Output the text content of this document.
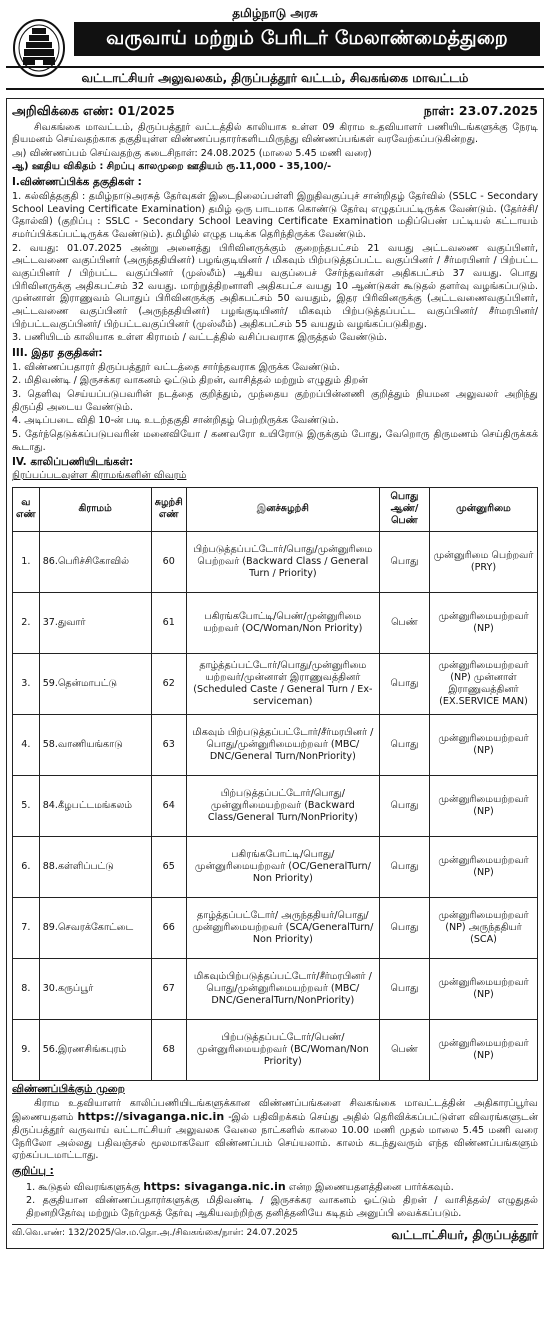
தமிழ்நாடு அரசு
வருவாய் மற்றும் பேரிடர் மேலாண்மைத்துறை
வட்டாட்சியர் அலுவலகம், திருப்பத்தூர் வட்டம், சிவகங்கை மாவட்டம்
அறிவிக்கை எண்: 01/2025	நாள்: 23.07.2025

சிவகங்கை மாவட்டம், திருப்பத்தூர் வட்டத்தில் காலியாக உள்ள 09 கிராம உதவியாளர் பணியிடங்களுக்கு நேரடி நியமனம் செய்வதற்காக தகுதியுள்ள விண்ணப்பதாரர்களிடமிருந்து விண்ணப்பங்கள் வரவேற்கப்படுகின்றது.

அ) விண்ணப்பம் செய்வதற்கு கடைசிநாள்: 24.08.2025 (மாலை 5.45 மணி வரை)

ஆ) ஊதிய விகிதம் : சிறப்பு காலமுறை ஊதியம் ரூ.11,000 - 35,100/-

I.விண்ணப்பிக்க தகுதிகள் :

1. கல்வித்தகுதி : தமிழ்நாடுஅரசுத் தேர்வுகள் இடைநிலைப்பள்ளி இறுதிவகுப்புச் சான்றிதழ் தேர்வில் (SSLC - Secondary School Leaving Certificate Examination) தமிழ் ஒரு பாடமாக கொண்டு தேர்வு எழுதப்பட்டிருக்க வேண்டும். (தேர்ச்சி/தோல்வி) (குறிப்பு : SSLC - Secondary School Leaving Certificate Examination மதிப்பெண் பட்டியல் கட்டாயம் சமர்ப்பிக்கப்பட்டிருக்க வேண்டும்). தமிழில் எழுத படிக்க தெரிந்திருக்க வேண்டும்.

2. வயது: 01.07.2025 அன்று அனைத்து பிரிவினருக்கும் குறைந்தபட்சம் 21 வயது அட்டவணை வகுப்பினர், அட்டவணை வகுப்பினர் (அருந்ததியினர்) பழங்குடியினர் / மிகவும் பிற்படுத்தப்பட்ட வகுப்பினர் / சீர்மரபினர் / பிற்பட்ட வகுப்பினர் / பிற்பட்ட வகுப்பினர் (முஸ்லீம்) ஆகிய வகுப்பைச் சேர்ந்தவர்கள் அதிகபட்சம் 37 வயது. பொது பிரிவினருக்கு அதிகபட்சம் 32 வயது. மாற்றுத்திறனாளி அதிகபட்ச வயது 10 ஆண்டுகள் கூடுதல் தளர்வு வழங்கப்படும். முன்னாள் இராணுவம் பொதுப் பிரிவினருக்கு அதிகபட்சம் 50 வயதும், இதர பிரிவினருக்கு (அட்டவணைவகுப்பினர், அட்டவணை வகுப்பினர் (அருந்ததியினர்) பழங்குடியினர்/ மிகவும் பிற்படுத்தப்பட்ட வகுப்பினர்/ சீர்மரபினர்/ பிற்பட்டவகுப்பினர்/ பிற்பட்டவகுப்பினர் (முஸ்லீம்) அதிகபட்சம் 55 வயதும் வழங்கப்படுகிறது.

3. பணியிடம் காலியாக உள்ள கிராமம் / வட்டத்தில் வசிப்பவராக இருத்தல் வேண்டும்.

III. இதர தகுதிகள்:

1. விண்ணப்பதாரர் திருப்பத்தூர் வட்டத்தை சார்ந்தவராக இருக்க வேண்டும்.

2. மிதிவண்டி / இருசக்கர வாகனம் ஓட்டும் திறன், வாசித்தல் மற்றும் எழுதும் திறன்

3. தெளிவு செய்யப்படுபவரின் நடத்தை குறித்தும், முந்தைய குற்றப்பின்னணி குறித்தும் நியமன அலுவலர் அறிந்து திருப்தி அடைய வேண்டும்.

4. அடிப்படை விதி 10-ன் படி உடற்தகுதி சான்றிதழ் பெற்றிருக்க வேண்டும்.

5. தேர்ந்தெடுக்கப்படுபவரின் மனைவியோ / கணவரோ உயிரோடு இருக்கும் போது, வேறொரு திருமணம் செய்திருக்கக் கூடாது.

IV. காலிப்பணியிடங்கள்:
நிரப்பப்படவுள்ள கிராமங்களின் விவரம்
வ எண்	கிராமம்	சுழற்சி எண்	இனச்சுழற்சி	பொது ஆண்/பெண்	முன்னுரிமை
1.	86.பெரிச்சிகோவில்	60	பிற்படுத்தப்பட்டோர்/பொது/முன்னுரிமை பெற்றவர் (Backward Class / General Turn / Priority)	பொது	முன்னுரிமை பெற்றவர் (PRY)
2.	37.துவார்	61	பகிரங்கபோட்டி/பெண்/முன்னுரிமை யற்றவர் (OC/Woman/Non Priority)	பெண்	முன்னுரிமையற்றவர் (NP)
3.	59.தென்மாபட்டு	62	தாழ்த்தப்பட்டோர்/பொது/முன்னுரிமை யற்றவர்/முன்னாள் இராணுவத்தினர் (Scheduled Caste / General Turn / Ex-serviceman)	பொது	முன்னுரிமையற்றவர் (NP) முன்னாள் இராணுவத்தினர் (EX.SERVICE MAN)
4.	58.வாணியங்காடு	63	மிகவும் பிற்படுத்தப்பட்டோர்/சீர்மரபினர் /பொது/முன்னுரிமையற்றவர் (MBC/ DNC/General Turn/NonPriority)	பொது	முன்னுரிமையற்றவர் (NP)
5.	84.கீழபட்டமங்கலம்	64	பிற்படுத்தப்பட்டோர்/பொது/ முன்னுரிமையற்றவர் (Backward Class/General Turn/NonPriority)	பொது	முன்னுரிமையற்றவர் (NP)
6.	88.கள்ளிப்பட்டு	65	பகிரங்கபோட்டி/பொது/ முன்னுரிமையற்றவர் (OC/GeneralTurn/ Non Priority)	பொது	முன்னுரிமையற்றவர் (NP)
7.	89.செவரக்கோட்டை	66	தாழ்த்தப்பட்டோர்/ அருந்ததியர்/பொது/ முன்னுரிமையற்றவர் (SCA/GeneralTurn/ Non Priority)	பொது	முன்னுரிமையற்றவர் (NP) அருந்ததியர் (SCA)
8.	30.கருப்பூர்	67	மிகவும்பிற்படுத்தப்பட்டோர்/சீர்மரபினர் /பொது/முன்னுரிமையற்றவர் (MBC/ DNC/GeneralTurn/NonPriority)	பொது	முன்னுரிமையற்றவர் (NP)
9.	56.இரணசிங்கபுரம்	68	பிற்படுத்தப்பட்டோர்/பெண்/ முன்னுரிமையற்றவர் (BC/Woman/Non Priority)	பெண்	முன்னுரிமையற்றவர் (NP)
விண்ணப்பிக்கும் முறை

கிராம உதவியாளர் காலிப்பணியிடங்களுக்கான விண்ணப்பங்களை சிவகங்கை மாவட்டத்தின் அதிகாரப்பூர்வ இணையதளம் https://sivaganga.nic.in -இல் பதிவிறக்கம் செய்து அதில் தெரிவிக்கப்பட்டுள்ள விவரங்களுடன் திருப்பத்தூர் வருவாய் வட்டாட்சியர் அலுவலக வேலை நாட்களில் காலை 10.00 மணி முதல் மாலை 5.45 மணி வரை நேரிலோ அல்லது பதிவஞ்சல் மூலமாகவோ விண்ணப்பம் செய்யலாம். காலம் கடந்துவரும் எந்த விண்ணப்பங்களும் ஏற்கப்படமாட்டாது.

குறிப்பு :

1. கூடுதல் விவரங்களுக்கு https: sivaganga.nic.in என்ற இணையதளத்தினை பார்க்கவும்.

2. தகுதியான விண்ணப்பதாரர்களுக்கு மிதிவண்டி / இருசக்கர வாகனம் ஓட்டும் திறன் / வாசித்தல்/ எழுதுதல் திறனறிதேர்வு மற்றும் நேர்முகத் தேர்வு ஆகியவற்றிற்கு தனித்தனியே கடிதம் அனுப்பி வைக்கப்படும்.

வி.வெ.எண்: 132/2025/செ.ம.தொ.அ./சிவகங்கை/நாள்: 24.07.2025	வட்டாட்சியர், திருப்பத்தூர்
